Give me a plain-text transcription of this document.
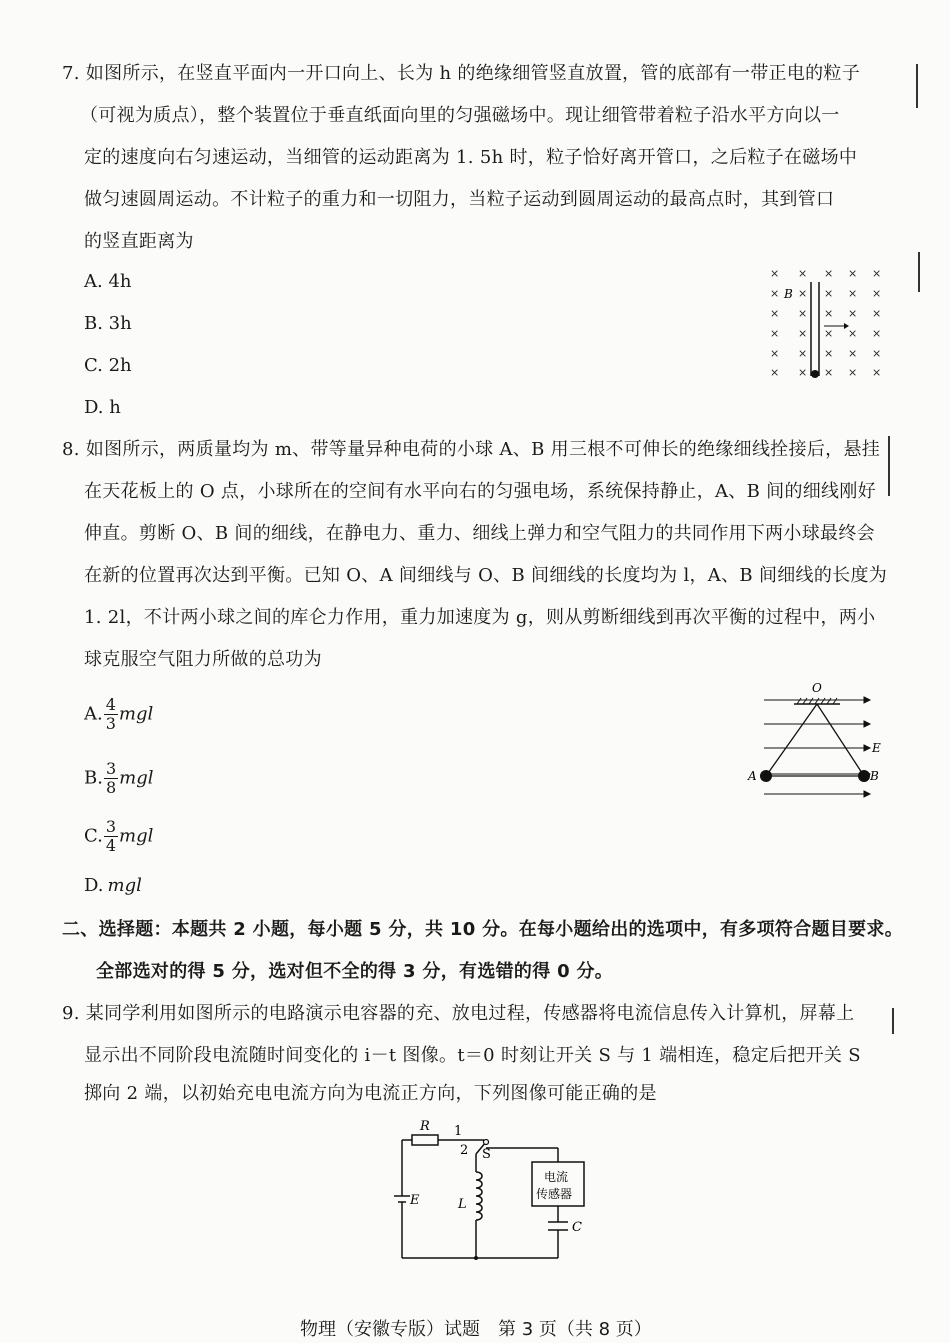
7. 如图所示，在竖直平面内一开口向上、长为 h 的绝缘细管竖直放置，管的底部有一带正电的粒子
（可视为质点），整个装置位于垂直纸面向里的匀强磁场中。现让细管带着粒子沿水平方向以一
定的速度向右匀速运动，当细管的运动距离为 1. 5h 时，粒子恰好离开管口，之后粒子在磁场中
做匀速圆周运动。不计粒子的重力和一切阻力，当粒子运动到圆周运动的最高点时，其到管口
的竖直距离为
A. 4h
B. 3h
C. 2h
D. h
× × × × ×
× × × × ×
× × × × ×
× × × × ×
× × × × ×
× × × × ×
B
8. 如图所示，两质量均为 m、带等量异种电荷的小球 A、B 用三根不可伸长的绝缘细线拴接后，悬挂
在天花板上的 O 点，小球所在的空间有水平向右的匀强电场，系统保持静止，A、B 间的细线刚好
伸直。剪断 O、B 间的细线，在静电力、重力、细线上弹力和空气阻力的共同作用下两小球最终会
在新的位置再次达到平衡。已知 O、A 间细线与 O、B 间细线的长度均为 l，A、B 间细线的长度为
1. 2l，不计两小球之间的库仑力作用，重力加速度为 g，则从剪断细线到再次平衡的过程中，两小
球克服空气阻力所做的总功为
A. $\frac{4}{3}$ mgl
B. $\frac{3}{8}$ mgl
C. $\frac{3}{4}$ mgl
D. mgl
O
E
A	B
二、选择题：本题共 2 小题，每小题 5 分，共 10 分。在每小题给出的选项中，有多项符合题目要求。
全部选对的得 5 分，选对但不全的得 3 分，有选错的得 0 分。
9. 某同学利用如图所示的电路演示电容器的充、放电过程，传感器将电流信息传入计算机，屏幕上
显示出不同阶段电流随时间变化的 i－t 图像。t＝0 时刻让开关 S 与 1 端相连，稳定后把开关 S
掷向 2 端，以初始充电电流方向为电流正方向，下列图像可能正确的是
R 1
2 S
E	L
C
电流
传感器
物理（安徽专版）试题　第 3 页（共 8 页）
